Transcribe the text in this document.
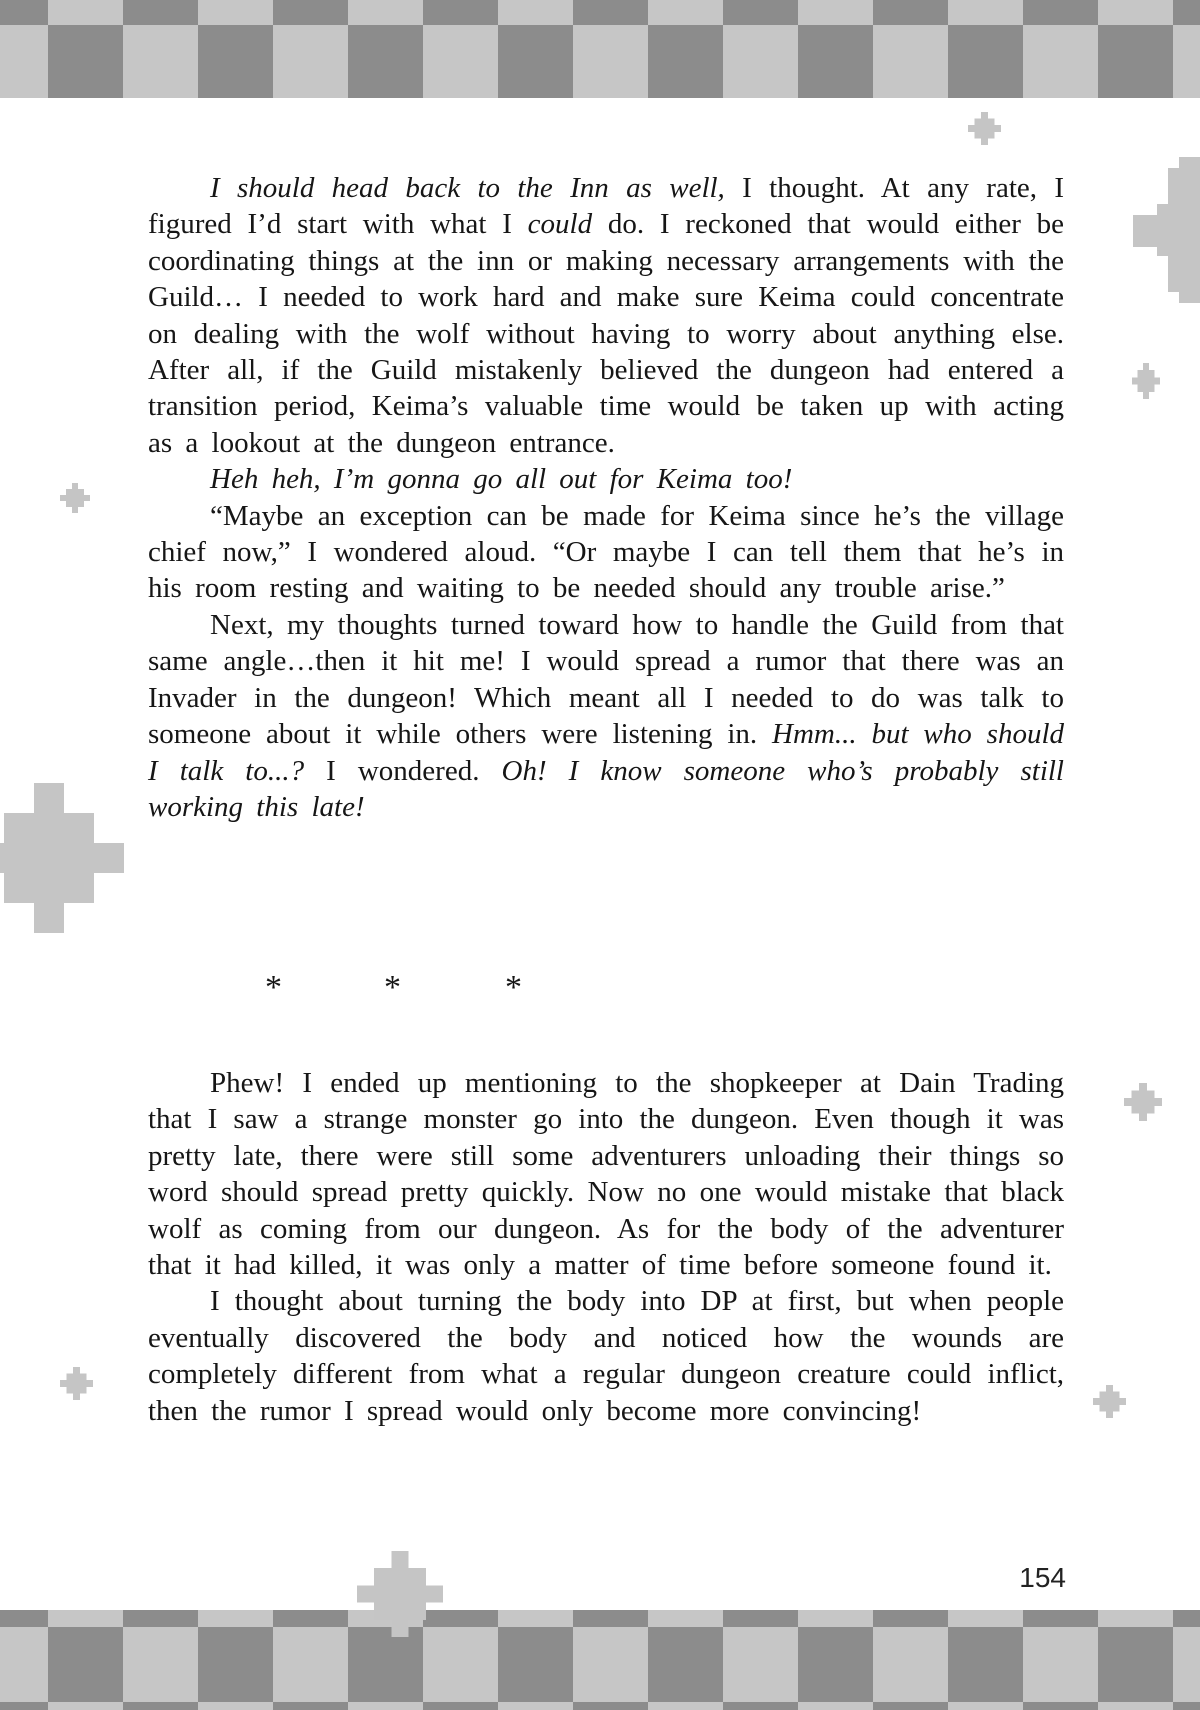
I should head back to the Inn as well, I thought. At any rate, I figured I’d start with what I could do. I reckoned that would either be coordinating things at the inn or making necessary arrangements with the Guild… I needed to work hard and make sure Keima could concentrate on dealing with the wolf without having to worry about anything else. After all, if the Guild mistakenly believed the dungeon had entered a transition period, Keima’s valuable time would be taken up with acting as a lookout at the dungeon entrance.

Heh heh, I’m gonna go all out for Keima too!

“Maybe an exception can be made for Keima since he’s the village chief now,” I wondered aloud. “Or maybe I can tell them that he’s in his room resting and waiting to be needed should any trouble arise.”

Next, my thoughts turned toward how to handle the Guild from that same angle…then it hit me! I would spread a rumor that there was an Invader in the dungeon! Which meant all I needed to do was talk to someone about it while others were listening in. Hmm... but who should I talk to...? I wondered. Oh! I know someone who’s probably still working this late!

*	*	*

Phew! I ended up mentioning to the shopkeeper at Dain Trading that I saw a strange monster go into the dungeon. Even though it was pretty late, there were still some adventurers unloading their things so word should spread pretty quickly. Now no one would mistake that black wolf as coming from our dungeon. As for the body of the adventurer that it had killed, it was only a matter of time before someone found it.

I thought about turning the body into DP at first, but when people eventually discovered the body and noticed how the wounds are completely different from what a regular dungeon creature could inflict, then the rumor I spread would only become more convincing!

154
